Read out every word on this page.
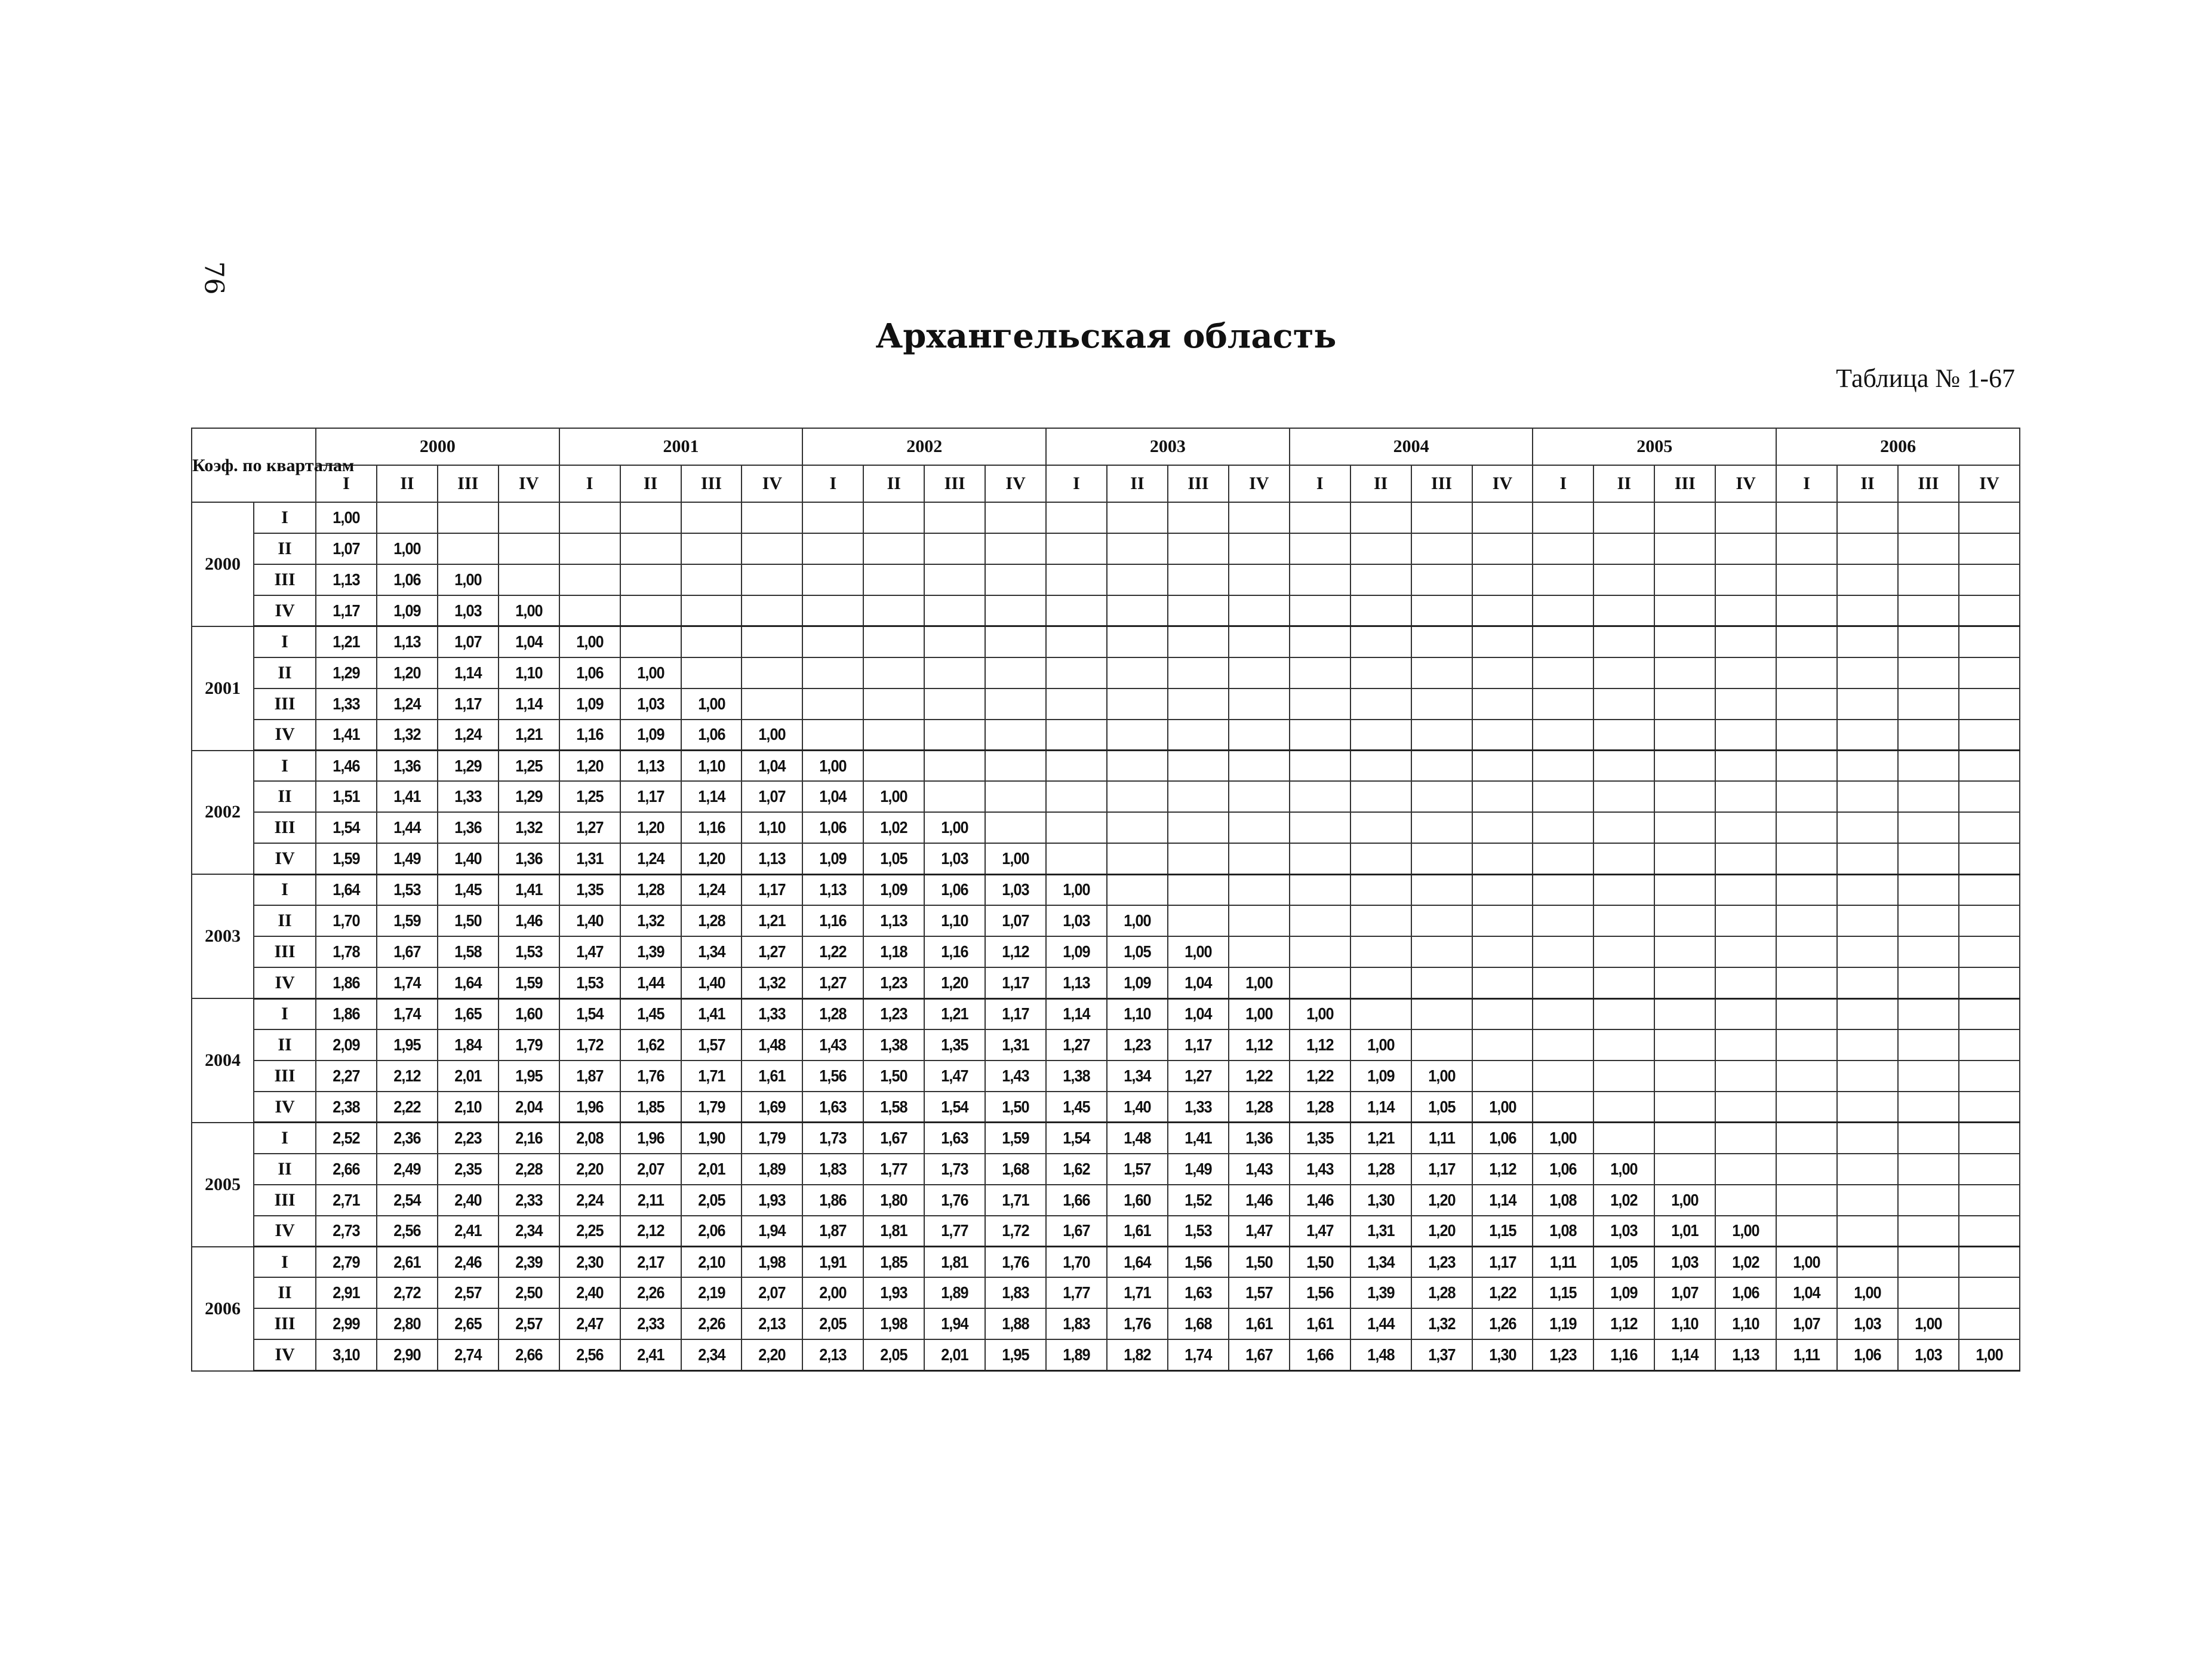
76
Архангельская область
Таблица № 1-67
Коэф. по кварталам		2000				2001				2002				2003				2004				2005				2006			
		I	II	III	IV	I	II	III	IV	I	II	III	IV	I	II	III	IV	I	II	III	IV	I	II	III	IV	I	II	III	IV
2000	I	1,00																											
	II	1,07	1,00																										
	III	1,13	1,06	1,00																									
	IV	1,17	1,09	1,03	1,00																								
2001	I	1,21	1,13	1,07	1,04	1,00																							
	II	1,29	1,20	1,14	1,10	1,06	1,00																						
	III	1,33	1,24	1,17	1,14	1,09	1,03	1,00																					
	IV	1,41	1,32	1,24	1,21	1,16	1,09	1,06	1,00																				
2002	I	1,46	1,36	1,29	1,25	1,20	1,13	1,10	1,04	1,00																			
	II	1,51	1,41	1,33	1,29	1,25	1,17	1,14	1,07	1,04	1,00																		
	III	1,54	1,44	1,36	1,32	1,27	1,20	1,16	1,10	1,06	1,02	1,00																	
	IV	1,59	1,49	1,40	1,36	1,31	1,24	1,20	1,13	1,09	1,05	1,03	1,00																
2003	I	1,64	1,53	1,45	1,41	1,35	1,28	1,24	1,17	1,13	1,09	1,06	1,03	1,00															
	II	1,70	1,59	1,50	1,46	1,40	1,32	1,28	1,21	1,16	1,13	1,10	1,07	1,03	1,00														
	III	1,78	1,67	1,58	1,53	1,47	1,39	1,34	1,27	1,22	1,18	1,16	1,12	1,09	1,05	1,00													
	IV	1,86	1,74	1,64	1,59	1,53	1,44	1,40	1,32	1,27	1,23	1,20	1,17	1,13	1,09	1,04	1,00												
2004	I	1,86	1,74	1,65	1,60	1,54	1,45	1,41	1,33	1,28	1,23	1,21	1,17	1,14	1,10	1,04	1,00	1,00											
	II	2,09	1,95	1,84	1,79	1,72	1,62	1,57	1,48	1,43	1,38	1,35	1,31	1,27	1,23	1,17	1,12	1,12	1,00										
	III	2,27	2,12	2,01	1,95	1,87	1,76	1,71	1,61	1,56	1,50	1,47	1,43	1,38	1,34	1,27	1,22	1,22	1,09	1,00									
	IV	2,38	2,22	2,10	2,04	1,96	1,85	1,79	1,69	1,63	1,58	1,54	1,50	1,45	1,40	1,33	1,28	1,28	1,14	1,05	1,00								
2005	I	2,52	2,36	2,23	2,16	2,08	1,96	1,90	1,79	1,73	1,67	1,63	1,59	1,54	1,48	1,41	1,36	1,35	1,21	1,11	1,06	1,00							
	II	2,66	2,49	2,35	2,28	2,20	2,07	2,01	1,89	1,83	1,77	1,73	1,68	1,62	1,57	1,49	1,43	1,43	1,28	1,17	1,12	1,06	1,00						
	III	2,71	2,54	2,40	2,33	2,24	2,11	2,05	1,93	1,86	1,80	1,76	1,71	1,66	1,60	1,52	1,46	1,46	1,30	1,20	1,14	1,08	1,02	1,00					
	IV	2,73	2,56	2,41	2,34	2,25	2,12	2,06	1,94	1,87	1,81	1,77	1,72	1,67	1,61	1,53	1,47	1,47	1,31	1,20	1,15	1,08	1,03	1,01	1,00				
2006	I	2,79	2,61	2,46	2,39	2,30	2,17	2,10	1,98	1,91	1,85	1,81	1,76	1,70	1,64	1,56	1,50	1,50	1,34	1,23	1,17	1,11	1,05	1,03	1,02	1,00			
	II	2,91	2,72	2,57	2,50	2,40	2,26	2,19	2,07	2,00	1,93	1,89	1,83	1,77	1,71	1,63	1,57	1,56	1,39	1,28	1,22	1,15	1,09	1,07	1,06	1,04	1,00		
	III	2,99	2,80	2,65	2,57	2,47	2,33	2,26	2,13	2,05	1,98	1,94	1,88	1,83	1,76	1,68	1,61	1,61	1,44	1,32	1,26	1,19	1,12	1,10	1,10	1,07	1,03	1,00	
	IV	3,10	2,90	2,74	2,66	2,56	2,41	2,34	2,20	2,13	2,05	2,01	1,95	1,89	1,82	1,74	1,67	1,66	1,48	1,37	1,30	1,23	1,16	1,14	1,13	1,11	1,06	1,03	1,00
